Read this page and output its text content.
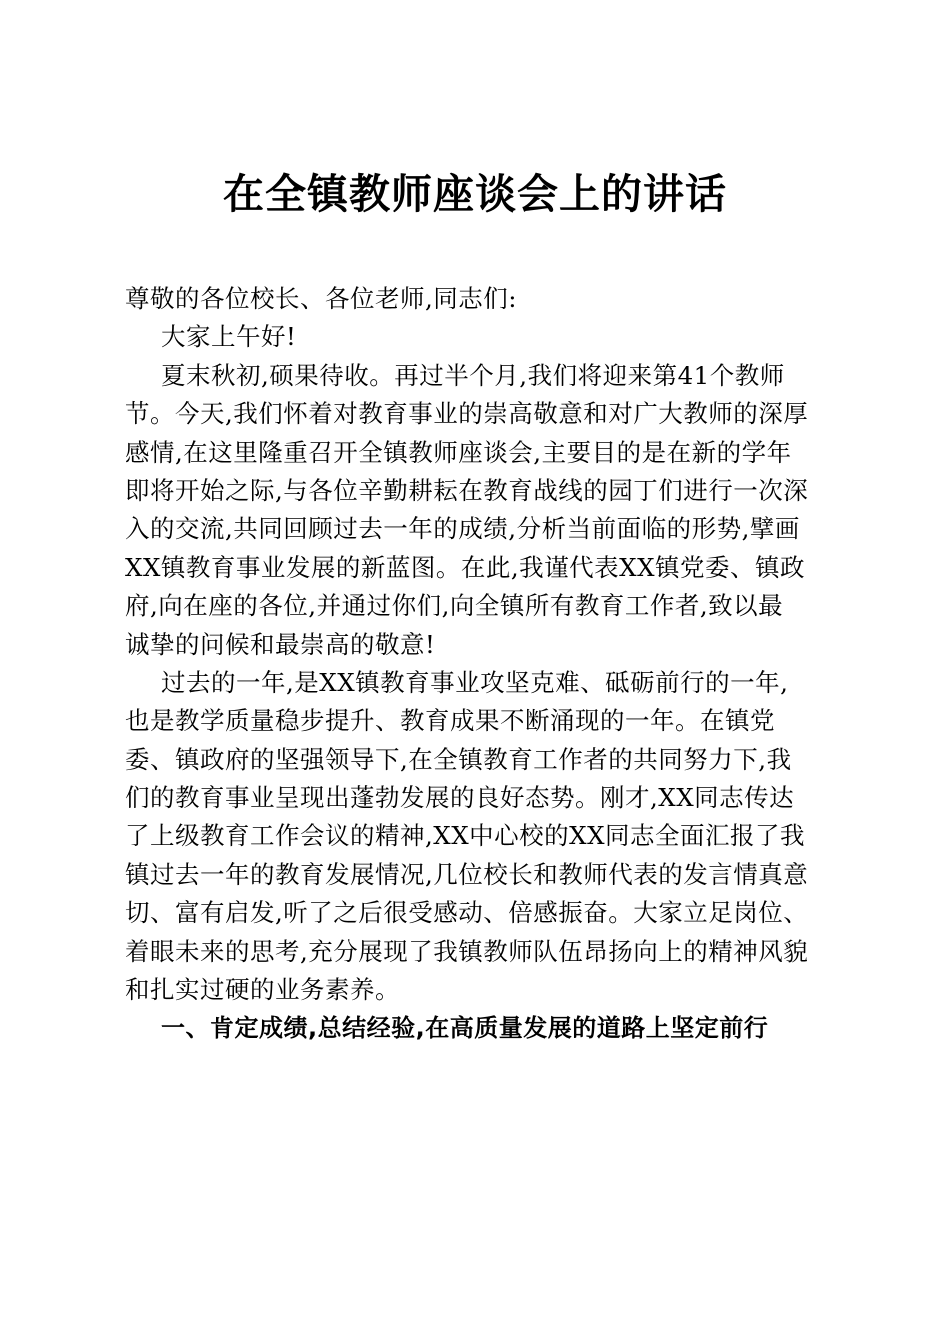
在全镇教师座谈会上的讲话
尊敬的各位校长、各位老师,同志们:
大家上午好!
夏末秋初,硕果待收。再过半个月,我们将迎来第41个教师
节。今天,我们怀着对教育事业的崇高敬意和对广大教师的深厚
感情,在这里隆重召开全镇教师座谈会,主要目的是在新的学年
即将开始之际,与各位辛勤耕耘在教育战线的园丁们进行一次深
入的交流,共同回顾过去一年的成绩,分析当前面临的形势,擘画
XX镇教育事业发展的新蓝图。在此,我谨代表XX镇党委、镇政
府,向在座的各位,并通过你们,向全镇所有教育工作者,致以最
诚挚的问候和最崇高的敬意!
过去的一年,是XX镇教育事业攻坚克难、砥砺前行的一年,
也是教学质量稳步提升、教育成果不断涌现的一年。在镇党
委、镇政府的坚强领导下,在全镇教育工作者的共同努力下,我
们的教育事业呈现出蓬勃发展的良好态势。刚才,XX同志传达
了上级教育工作会议的精神,XX中心校的XX同志全面汇报了我
镇过去一年的教育发展情况,几位校长和教师代表的发言情真意
切、富有启发,听了之后很受感动、倍感振奋。大家立足岗位、
着眼未来的思考,充分展现了我镇教师队伍昂扬向上的精神风貌
和扎实过硬的业务素养。
一、肯定成绩,总结经验,在高质量发展的道路上坚定前行
